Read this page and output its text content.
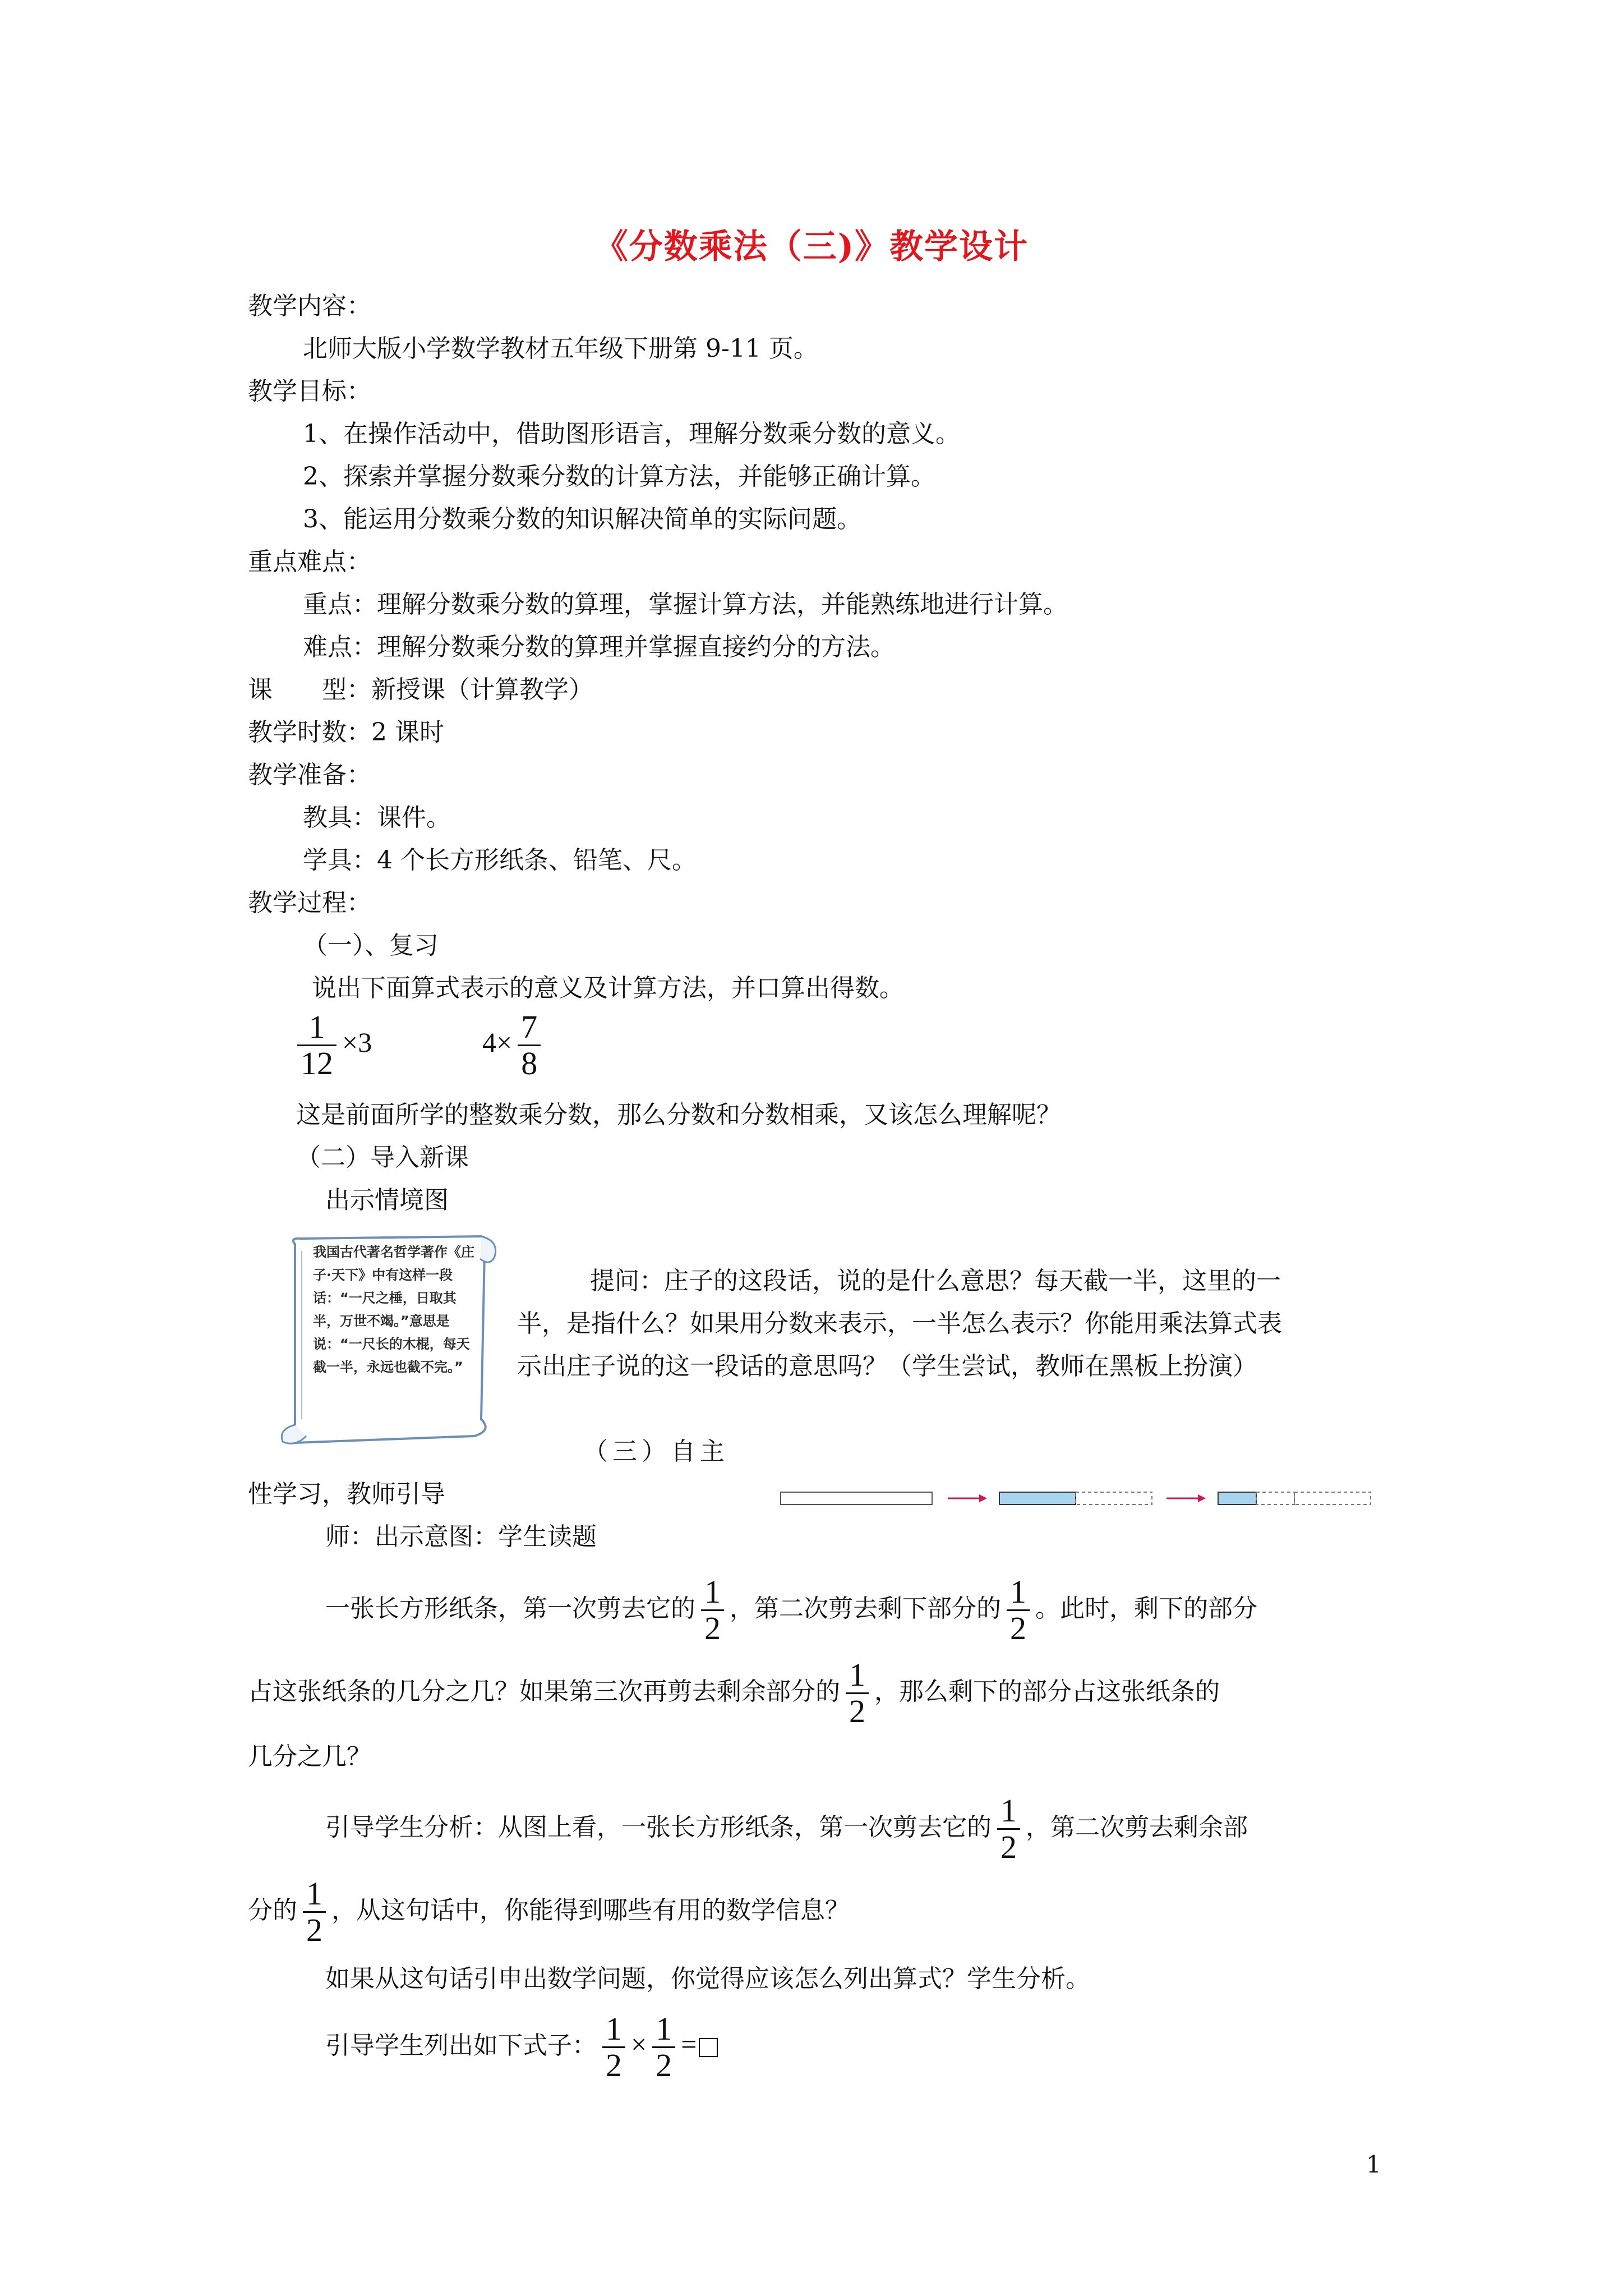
《分数乘法（三)》教学设计
教学内容：
北师大版小学数学教材五年级下册第 9-11 页。
教学目标：
1、在操作活动中，借助图形语言，理解分数乘分数的意义。
2、探索并掌握分数乘分数的计算方法，并能够正确计算。
3、能运用分数乘分数的知识解决简单的实际问题。
重点难点：
重点：理解分数乘分数的算理，掌握计算方法，并能熟练地进行计算。
难点：理解分数乘分数的算理并掌握直接约分的方法。
课　　型：新授课（计算教学）
教学时数：2 课时
教学准备：
教具：课件。
学具：4 个长方形纸条、铅笔、尺。
教学过程：
（一）、复习
说出下面算式表示的意义及计算方法，并口算出得数。
$\frac{1}{12} \times 3$	$4\times \frac{7}{8}$
这是前面所学的整数乘分数，那么分数和分数相乘，又该怎么理解呢？
（二）导入新课
出示情境图
我国古代著名哲学著作《庄子·天下》中有这样一段话：“一尺之棰，日取其半，万世不竭。”意思是说：“一尺长的木棍，每天截一半，永远也截不完。”
提问：庄子的这段话，说的是什么意思？每天截一半，这里的一
半，是指什么？如果用分数来表示，一半怎么表示？你能用乘法算式表
示出庄子说的这一段话的意思吗？（学生尝试，教师在黑板上扮演）
（三）自主
性学习，教师引导
师：出示意图：学生读题
一张长方形纸条，第一次剪去它的 $\frac{1}{2}$ ，第二次剪去剩下部分的 $\frac{1}{2}$ 。此时，剩下的部分
占这张纸条的几分之几？如果第三次再剪去剩余部分的 $\frac{1}{2}$ ，那么剩下的部分占这张纸条的
几分之几？
引导学生分析：从图上看，一张长方形纸条，第一次剪去它的 $\frac{1}{2}$ ，第二次剪去剩余部
分的 $\frac{1}{2}$ ，从这句话中，你能得到哪些有用的数学信息？
如果从这句话引申出数学问题，你觉得应该怎么列出算式？学生分析。
引导学生列出如下式子： $\frac{1}{2} \times \frac{1}{2}$ =
1
